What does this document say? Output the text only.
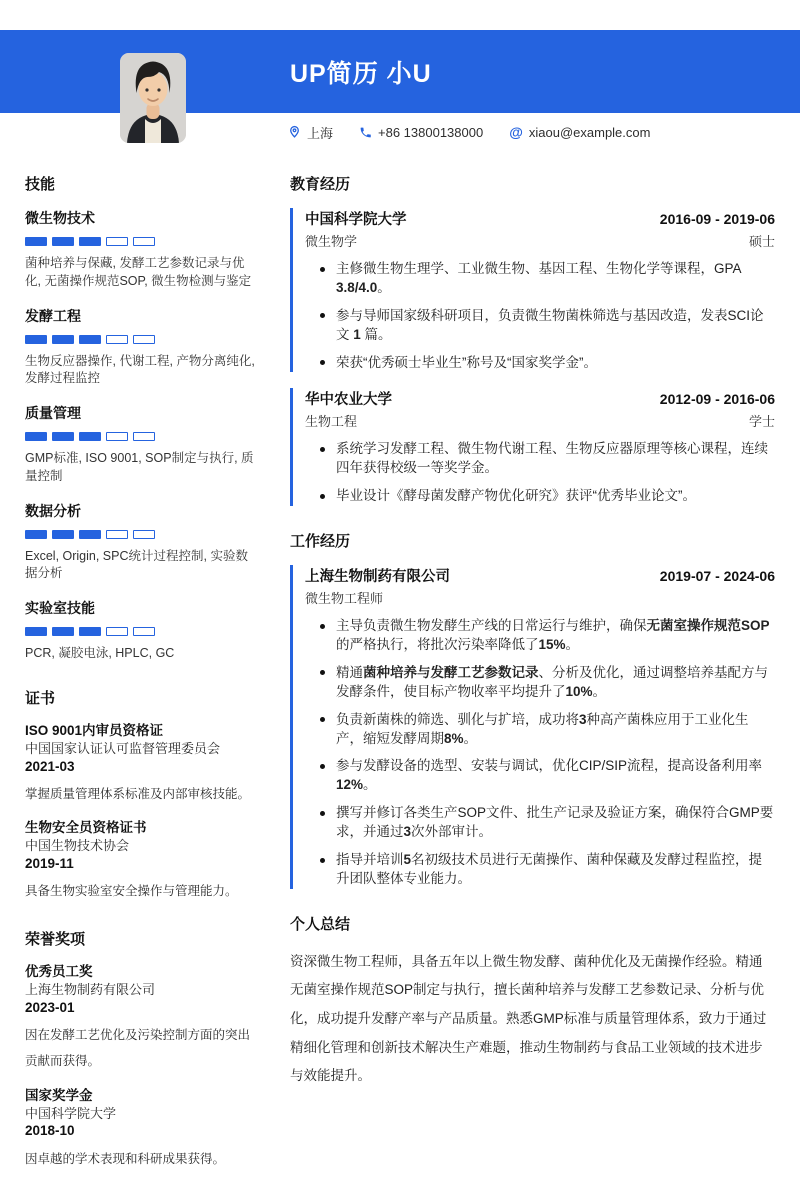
UP简历 小U
上海	+86 13800138000 @ xiaou@example.com
技能
微生物技术
菌种培养与保藏, 发酵工艺参数记录与优化, 无菌操作规范SOP, 微生物检测与鉴定
发酵工程
生物反应器操作, 代谢工程, 产物分离纯化, 发酵过程监控
质量管理
GMP标准, ISO 9001, SOP制定与执行, 质量控制
数据分析
Excel, Origin, SPC统计过程控制, 实验数据分析
实验室技能
PCR, 凝胶电泳, HPLC, GC
证书
ISO 9001内审员资格证
中国国家认证认可监督管理委员会
2021-03
掌握质量管理体系标准及内部审核技能。
生物安全员资格证书
中国生物技术协会
2019-11
具备生物实验室安全操作与管理能力。
荣誉奖项
优秀员工奖
上海生物制药有限公司
2023-01
因在发酵工艺优化及污染控制方面的突出贡献而获得。
国家奖学金
中国科学院大学
2018-10
因卓越的学术表现和科研成果获得。
教育经历
中国科学院大学	2016-09 - 2019-06
微生物学	硕士
主修微生物生理学、工业微生物、基因工程、生物化学等课程，GPA 3.8/4.0。
参与导师国家级科研项目，负责微生物菌株筛选与基因改造，发表SCI论文 1 篇。
荣获“优秀硕士毕业生”称号及“国家奖学金”。
华中农业大学	2012-09 - 2016-06
生物工程	学士
系统学习发酵工程、微生物代谢工程、生物反应器原理等核心课程，连续四年获得校级一等奖学金。
毕业设计《酵母菌发酵产物优化研究》获评“优秀毕业论文”。
工作经历
上海生物制药有限公司	2019-07 - 2024-06
微生物工程师
主导负责微生物发酵生产线的日常运行与维护，确保无菌室操作规范SOP的严格执行，将批次污染率降低了15%。
精通菌种培养与发酵工艺参数记录、分析及优化，通过调整培养基配方与发酵条件，使目标产物收率平均提升了10%。
负责新菌株的筛选、驯化与扩培，成功将3种高产菌株应用于工业化生产，缩短发酵周期8%。
参与发酵设备的选型、安装与调试，优化CIP/SIP流程，提高设备利用率12%。
撰写并修订各类生产SOP文件、批生产记录及验证方案，确保符合GMP要求，并通过3次外部审计。
指导并培训5名初级技术员进行无菌操作、菌种保藏及发酵过程监控，提升团队整体专业能力。
个人总结

资深微生物工程师，具备五年以上微生物发酵、菌种优化及无菌操作经验。精通无菌室操作规范SOP制定与执行，擅长菌种培养与发酵工艺参数记录、分析与优化，成功提升发酵产率与产品质量。熟悉GMP标准与质量管理体系，致力于通过精细化管理和创新技术解决生产难题，推动生物制药与食品工业领域的技术进步与效能提升。
